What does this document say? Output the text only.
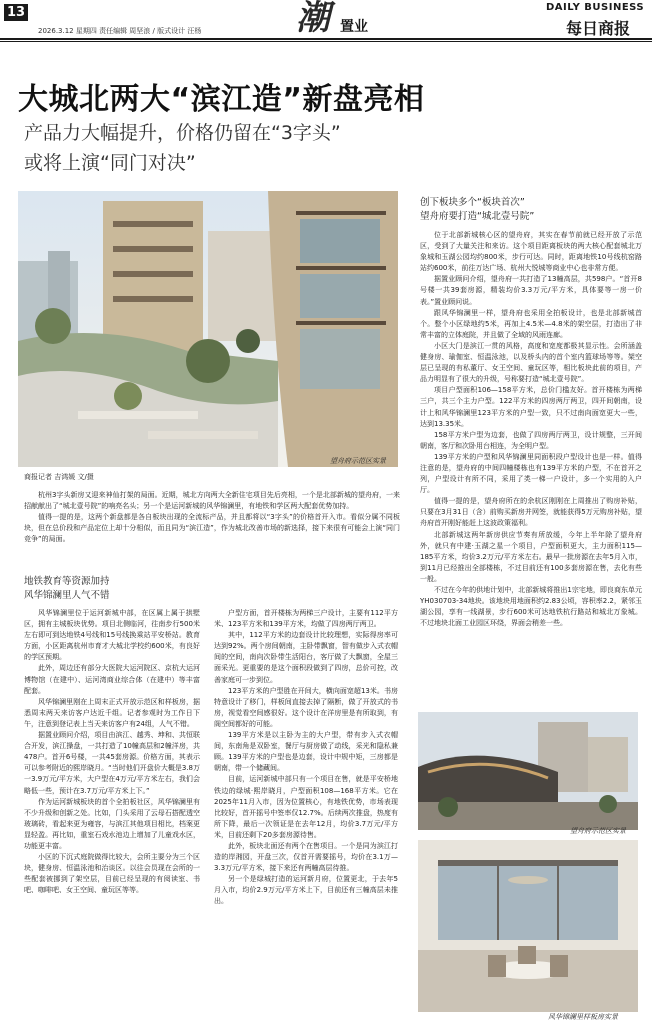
13
2026.3.12 星期四 责任编辑 周坚浪 / 版式设计 汪杨	潮 置业
DAILY BUSINESS
每日商报
大城北两大“滨江造”新盘亮相
产品力大幅提升，价格仍留在“3字头”
或将上演“同门对决”
望舟府示范区实景
商报记者 吉鸿媛 文/摄

杭州3字头新房又迎来神仙打架的局面。近期，城北方向两大全新住宅项目先后亮相，一个是北部新城的望舟府，一来招献献出了“城北壹号院”的响亮名头；另一个是运河新城的风华锦澜里，有地铁和学区两大配套优势加持。

值得一提的是，这两个新盘都是各自板块出现的全流标产品，并且都将以“3字头”的价格首开入市。看似分属不同板块，但在总价段和产品定位上却十分相似，而且同为“滨江造”，作为城北改善市场的新选择，接下来很有可能会上演“同门竞争”的局面。

地铁教育等资源加持
风华锦澜里人气不错

风华锦澜里位于运河新城中部，在区属上属于拱墅区，拥有主城板块优势。项目北侧临河，往南步行500米左右即可到达地铁4号线和15号线换乘站平安桥站。教育方面，小区距离杭州市育才大城北学校约600米，有良好的学区预期。

此外，周边还有部分大医院大运河院区、京杭大运河博物馆（在建中）、运河湾商业综合体（在建中）等丰富配套。

风华锦澜里刚在上周末正式开放示范区和样板房，据悉周末两天来访客户达近千组。记者参观时为工作日下午，注意到登记表上当天来访客户有24组，人气不错。

据置业顾问介绍，项目由滨江、越秀、坤和、共恒联合开发，滨江操盘，一共打造了10幢高层和2幢洋房，共478户。首开6号楼，一共45套房源。价格方面，其表示可以参考附近的熙岸晓月。“当时他们开盘价大概是3.8万一3.9万元/平方米，大户型在4万元/平方米左右，我们会略低一些，预计在3.7万元/平方米上下。”

作为运河新城板块的首个全拍板社区，风华锦澜里有不少升级和创新之处。比如，门头采用了云母石搭配透空玻璃砖，看起来更为雍容，与滨江其他项目相比，档案更显轻盈。再比如，重室石戏水池边上增加了儿童戏水区，功能更丰富。

小区的下沉式庭院做得比较大，会所主要分为三个区块，健身房、恒温泳池和治谈区。以往会员现在会所的一些配套被挪到了架空层，目前已经呈现的有阅读室、书吧、咖啡吧、女王空间、童玩区等等。

户型方面，首开楼栋为两梯三户设计，主要有112平方米、123平方米和139平方米，均做了四房两厅两卫。

其中，112平方米的边套设计比较理想，实际得房率可达到92%。两个房间朝南，主卧带飘窗，智有做步入式衣帽间的空间，南向次卧带生活阳台，客厅做了大飘窗，全屋三面采光。更重要的是这个面积段做到了四房，总价可控，改善家庭可一步到位。

123平方米的户型胜在开间大，横向面宽超13米。书房特意设计了移门，样板间直接去掉了隔断，做了开放式的书房，视觉看空间感很好。这个设计在洋房里是有所取到，有阁空间都好的可能。

139平方米是以主卧为主的大户型，带有步入式衣帽间，东南角是双卧室，餐厅与厨房做了动线，采光和隐私兼顾。139平方米的户型也是边套，设计中规中矩，三房都是朝南，带一个储藏间。

目前，运河新城中部只有一个项目在售，就是平安桥地铁边的绿城·熙岸晓月，户型面积108—168平方米。它在2025年11月入市，因为位置核心，有地铁优势，市场表现比较好，首开摇号中签率仅12.7%。后续两次推盘，热度有所下降，最后一次领证是在去年12月，均价3.7万元/平方米，目前还剩下20多套房源待售。

此外，板块北面还有两个在售项目。一个是同为滨江打造的岸湘园，开盘三次，仅首开需要摇号，均价在3.1万—3.3万元/平方米，接下来还有两幢高层待推。

另一个是绿城打造的运河新月府，位置更北，于去年5月入市，均价2.9万元/平方米上下，目前还有三幢高层未推出。

创下板块多个“板块首次”
望舟府要打造“城北壹号院”

位于北部新城核心区的望舟府，其实在春节前就已经开放了示范区，受到了大量关注和来访。这个项目距离板块的两大核心配套城北万象城和玉湖公园均约800米，步行可达。同时，距离地铁10号线杭窑路站约600米，前往万达广场、杭州大悦城等商业中心也非常方便。

据置业顾问介绍，望舟府一共打造了13幢高层，共598户。“首开8号楼一共39套房源，精装均价3.3万元/平方米，具体要等一房一价表。”置业顾问说。

跟风华锦澜里一样，望舟府也采用全拍板设计，也是北部新城首个。整个小区绿地约5米，再加上4.5米—4.8米的架空层，打造出了非常丰富的立体庭院，并且做了全域的风雨连廊。

小区大门是滨江一贯的风格，高度和宽度都极其显示性。会所涵盖健身房、瑜伽室、恒温泳池，以及桥头内的首个室内篮球场等等。架空层已呈现的有私董厅、女王空间、童玩区等，相比板块此前的项目，产品力明显有了很大的升级，号称要打造“城北壹号院”。

项目户型面积106—158平方米，总价门槛友好。首开楼栋为两梯三户，共三个主力户型。122平方米的四房两厅两卫，四开间朝南，设计上和风华锦澜里123平方米的户型一致，只不过南向面宽更大一些，达到13.35米。

158平方米户型为边套，也做了四房两厅两卫，设计规整，三开间朝南，客厅和次卧用台相连，为全明户型。

139平方米的户型和风华锦澜里同面积段户型设计也是一样。值得注意的是，望舟府的中间四幢楼栋也有139平方米的户型，不在首开之列，户型设计有所不同，采用了类一梯一户设计，多一个实用的入户厅。

值得一提的是，望舟府所在的余杭区刚刚在上周推出了购房补贴，只要在3月31日（含）前购买新房并网签，就能获得5万元购房补贴，望舟府首开刚好能赶上这波政策福利。

北部新城这两年新房供应节奏有所放缓，今年上半年除了望舟府外，就只有中建·玉湖之星一个项目，户型面积更大，主力面积115—185平方米，均价3.2万元/平方米左右。最早一批房源在去年5月入市，到11月已经推出全部楼栋，不过目前还有100多套房源在售，去化有些一般。

不过在今年的供地计划中，北部新城将推出1宗宅地，即良商东单元YH030703-34地块。该地块用地面积约2.83公顷，容积率2.2，紧邻玉湖公园，享有一线湖景，步行600米可达地铁杭行路站和城北万象城。不过地块北面工业园区环绕，界面会稍差一些。

望舟府示范区实景
风华锦澜里样板房实景
